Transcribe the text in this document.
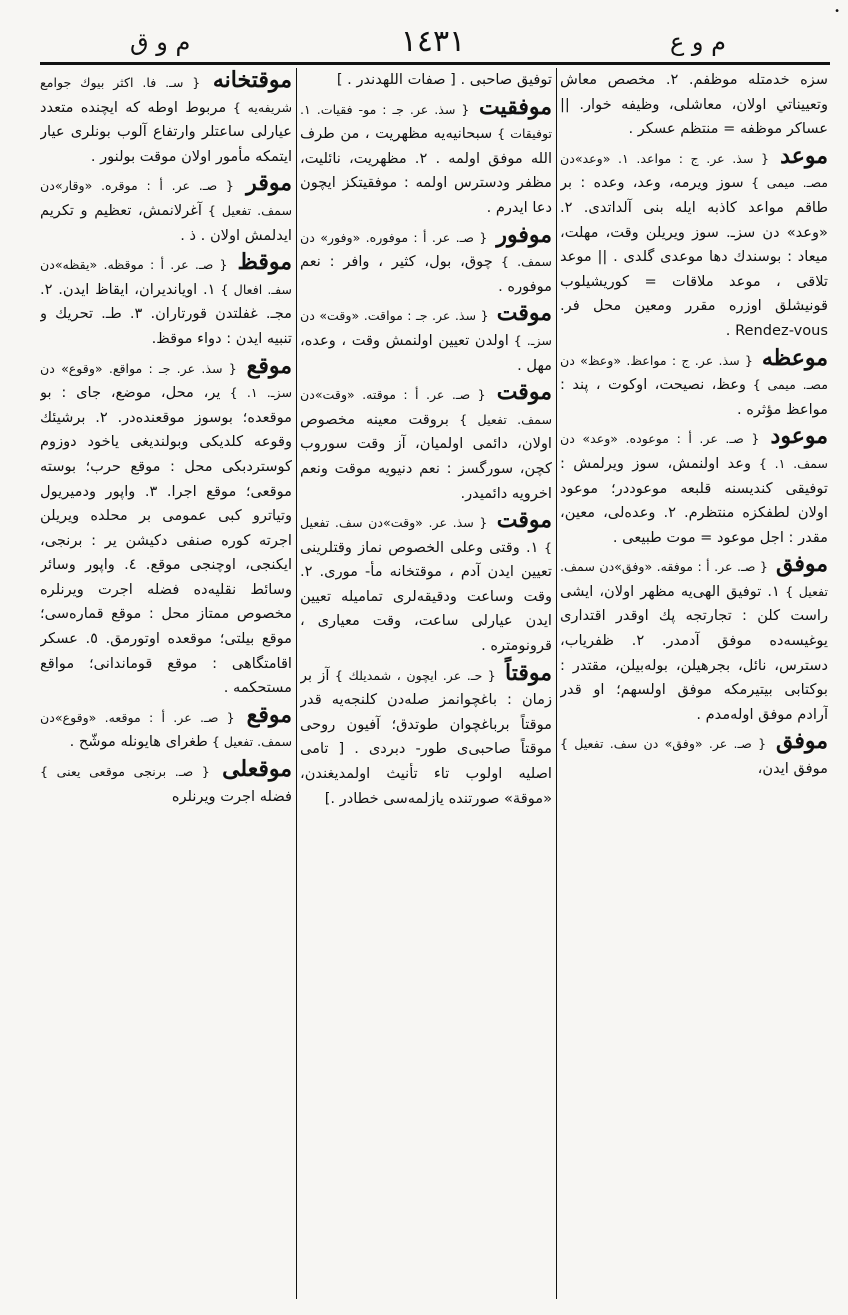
•
م و ق	١٤٣١	م و ع

سزه خدمتله موظفم. ٢. مخصص معاش وتعييناتي اولان، معاشلی، وظيفه خوار. || عساكر موظفه = منتظم عسكر .

موعد { سذ. عر. ج : مواعد. ١. «وعد»دن مصـ. ميمی } سوز ويرمه، وعد، وعده : بر طاقم مواعد كاذبه ايله بنی آلداتدی. ٢. «وعد» دن سزـ. سوز ويريلن وقت، مهلت، ميعاد : بوسندك دها موعدی گلدی . || موعد تلاقی ، موعد ملاقات = كوريشيلوب قونيشلق اوزره مقرر ومعين محل فر. Rendez-vous .

موعظه { سذ. عر. ج : مواعظ. «وعظ» دن مصـ. ميمی } وعظ، نصيحت، اوكوت ، پند : مواعظ مؤثره .

موعود { صـ. عر. أ : موعوده. «وعد» دن سمف. ١. } وعد اولنمش، سوز ويرلمش : توفيقی كنديسنه قلبعه موعوددر؛ موعود اولان لطفكزه منتظرم. ٢. وعده‌لی، معين، مقدر : اجل موعود = موت طبيعی .

موفق { صـ. عر. أ : موفقه. «وفق»دن سمف. تفعيل } ١. توفيق الهی‌يه مظهر اولان، ايشی راست كلن : تجارتجه پك اوقدر اقتداری يوغيسه‌ده موفق آدمدر. ٢. ظفرياب، دسترس، نائل، بجرهيلن، بوله‌بيلن، مقتدر : بوكتابی بيتيرمكه موفق اولسهم؛ او قدر آرادم موفق اوله‌مدم .

موفق { صـ. عر. «وفق» دن سف. تفعيل } موفق ايدن،

توفيق صاحبی . [ صفات اللهدندر . ]

موفقيت { سذ. عر. جـ : مو- فقيات. ١. توفيقات } سبحانيه‌يه مظهريت ، من طرف الله موفق اولمه . ٢. مظهريت، نائليت، مظفر ودسترس اولمه : موفقيتكز ايچون دعا ايدرم .

موفور { صـ. عر. أ : موفوره. «وفور» دن سمف. } چوق، بول، كثير ، وافر : نعم موفوره .

موقت { سذ. عر. جـ : مواقت. «وقت» دن سزـ. } اولدن تعيين اولنمش وقت ، وعده، مهل .

موقت { صـ. عر. أ : موقته. «وقت»دن سمف. تفعيل } بروقت معينه مخصوص اولان، دائمی اولميان، آز وقت سوروب كچن، سورگسز : نعم دنيويه موقت ونعم اخرويه دائميدر.

موقت { سذ. عر. «وقت»دن سف. تفعيل } ١. وقتی وعلی الخصوص نماز وقتلرينی تعيين ايدن آدم ، موقتخانه مأ- موری. ٢. وقت وساعت ودقيقه‌لری تماميله تعيين ايدن عيارلی ساعت، وقت معياری ، قرونومتره .

موقتاً { حـ. عر. ايچون ، شمديلك } آز بر زمان : باغچوانمز صله‌دن كلنجه‌يه قدر موقتاً برباغچوان طوتدق؛ آفيون روحی موقتاً صاحبی‌ی طور- دبردی . [ تامی اصليه اولوب تاء تأنيث اولمديغندن، «موقة» صورتنده يازلمه‌سی خطادر .]

موقتخانه { سـ. فا. اكثر بيوك جوامع شريفه‌يه } مربوط اوطه كه ايچنده متعدد عيارلی ساعتلر وارتفاع آلوب بونلری عيار ايتمكه مأمور اولان موقت بولنور .

موقر { صـ. عر. أ : موقره. «وقار»دن سمف. تفعيل } آغرلانمش، تعظيم و تكريم ايدلمش اولان . ذ .

موقظ { صـ. عر. أ : موقظه. «يقظه»دن سفـ. افعال } ١. اويانديران، ايقاظ ايدن. ٢. مجـ. غفلتدن قورتاران. ٣. طـ. تحريك و تنبيه ايدن : دواء موقظ.

موقع { سذ. عر. جـ : مواقع. «وقوع» دن سزـ. ١. } ير، محل، موضع، جای : بو موقعده؛ بوسوز موقعنده‌در. ٢. برشيئك وقوعه كلديكی وبولنديغی ياخود دوزوم كوستردبكی محل : موقع حرب؛ بوسته موقعی؛ موقع اجرا. ٣. واپور ودميريول وتياترو كبی عمومی بر محلده ويريلن اجرته كوره صنفی دكيشن ير : برنجی، ايكنجی، اوچنجی موقع. ٤. واپور وسائر وسائط نقليه‌ده فضله اجرت ويرنلره مخصوص ممتاز محل : موقع قماره‌سی؛ موقع بيلتی؛ موقعده اوتورمق. ٥. عسكر اقامتگاهی : موقع قوماندانی؛ مواقع مستحكمه .

موقع { صـ. عر. أ : موقعه. «وقوع»دن سمف. تفعيل } طغرای هايونله موشّح .

موقعلی { صـ. برنجی موقعی يعنی } فضله اجرت ويرنلره
